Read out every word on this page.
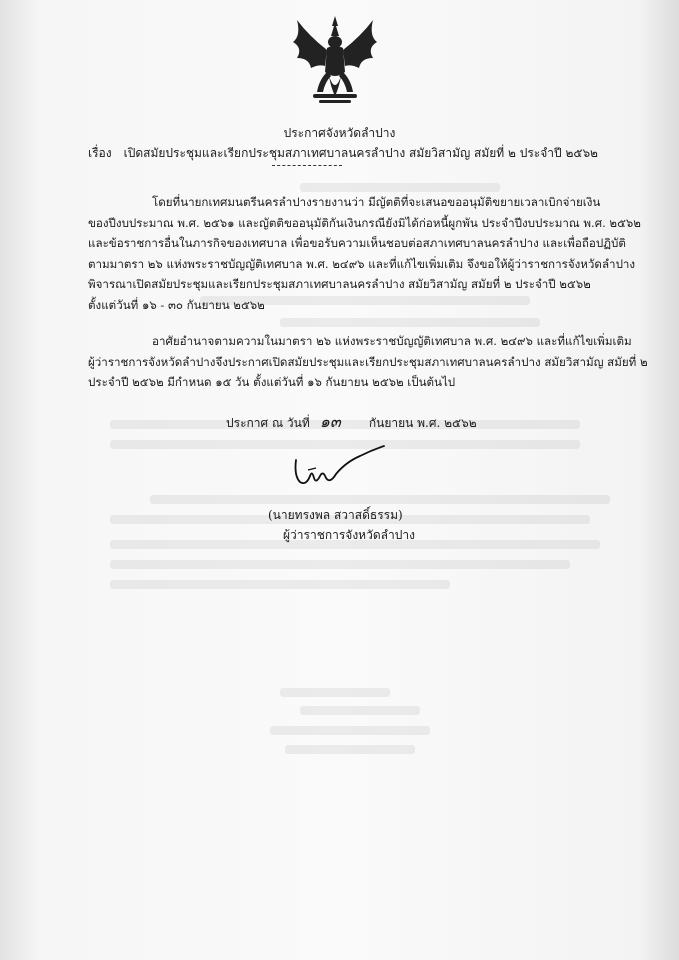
ประกาศจังหวัดลำปาง
เรื่อง เปิดสมัยประชุมและเรียกประชุมสภาเทศบาลนครลำปาง สมัยวิสามัญ สมัยที่ ๒ ประจำปี ๒๕๖๒
โดยที่นายกเทศมนตรีนครลำปางรายงานว่า มีญัตติที่จะเสนอขออนุมัติขยายเวลาเบิกจ่ายเงิน
ของปีงบประมาณ พ.ศ. ๒๕๖๑ และญัตติขออนุมัติกันเงินกรณียังมิได้ก่อหนี้ผูกพัน ประจำปีงบประมาณ พ.ศ. ๒๕๖๒
และข้อราชการอื่นในภารกิจของเทศบาล เพื่อขอรับความเห็นชอบต่อสภาเทศบาลนครลำปาง และเพื่อถือปฏิบัติ
ตามมาตรา ๒๖ แห่งพระราชบัญญัติเทศบาล พ.ศ. ๒๔๙๖ และที่แก้ไขเพิ่มเติม จึงขอให้ผู้ว่าราชการจังหวัดลำปาง
พิจารณาเปิดสมัยประชุมและเรียกประชุมสภาเทศบาลนครลำปาง สมัยวิสามัญ สมัยที่ ๒ ประจำปี ๒๕๖๒
ตั้งแต่วันที่ ๑๖ - ๓๐ กันยายน ๒๕๖๒
อาศัยอำนาจตามความในมาตรา ๒๖ แห่งพระราชบัญญัติเทศบาล พ.ศ. ๒๔๙๖ และที่แก้ไขเพิ่มเติม
ผู้ว่าราชการจังหวัดลำปางจึงประกาศเปิดสมัยประชุมและเรียกประชุมสภาเทศบาลนครลำปาง สมัยวิสามัญ สมัยที่ ๒
ประจำปี ๒๕๖๒ มีกำหนด ๑๕ วัน ตั้งแต่วันที่ ๑๖ กันยายน ๒๕๖๒ เป็นต้นไป
ประกาศ ณ วันที่ ๑๓ กันยายน พ.ศ. ๒๕๖๒
(นายทรงพล สวาสดิ์ธรรม)
ผู้ว่าราชการจังหวัดลำปาง
